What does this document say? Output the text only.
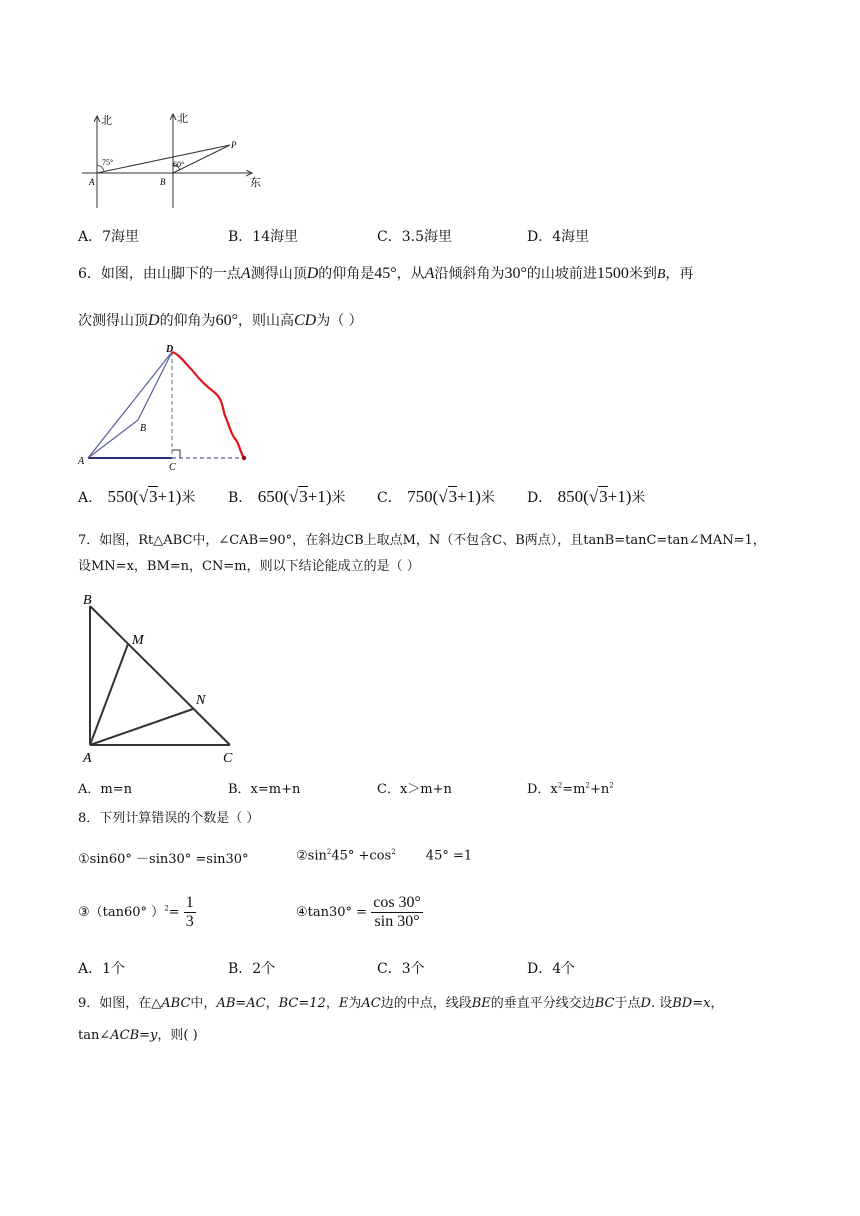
北	北
东
75°	60°
A	B
P
A．7海里	B．14海里	C．3.5海里	D．4海里
6．如图，由山脚下的一点A测得山顶D的仰角是45°，从A沿倾斜角为30°的山坡前进1500米到B，再
次测得山顶D的仰角为60°，则山高CD为（ ）
D
B
A
C
A． 550(√3+1)米 B． 650(√3+1)米 C． 750(√3+1)米 D． 850(√3+1)米
7．如图，Rt△ABC中，∠CAB=90°，在斜边CB上取点M，N（不包含C、B两点），且tanB=tanC=tan∠MAN=1，
设MN=x，BM=n，CN=m，则以下结论能成立的是（ ）
B
M
N
A	C
A．m=n	B．x=m+n	C．x＞m+n	D．$x^2=m^2+n^2$
8．下列计算错误的个数是（ ）
①sin60° －sin30° =sin30°	$②\sin^245^\circ +\cos^2$ 45° =1
③（tan60° ）$^2= \frac{1}{3}$	④tan30° = $\frac{\cos 30^\circ}{\sin 30^\circ}$
A．1个	B．2个	C．3个	D．4个
9．如图，在△ABC中，AB=AC，BC=12，E为AC边的中点，线段BE的垂直平分线交边BC于点D. 设BD=x，
tan∠ACB=y，则( )
